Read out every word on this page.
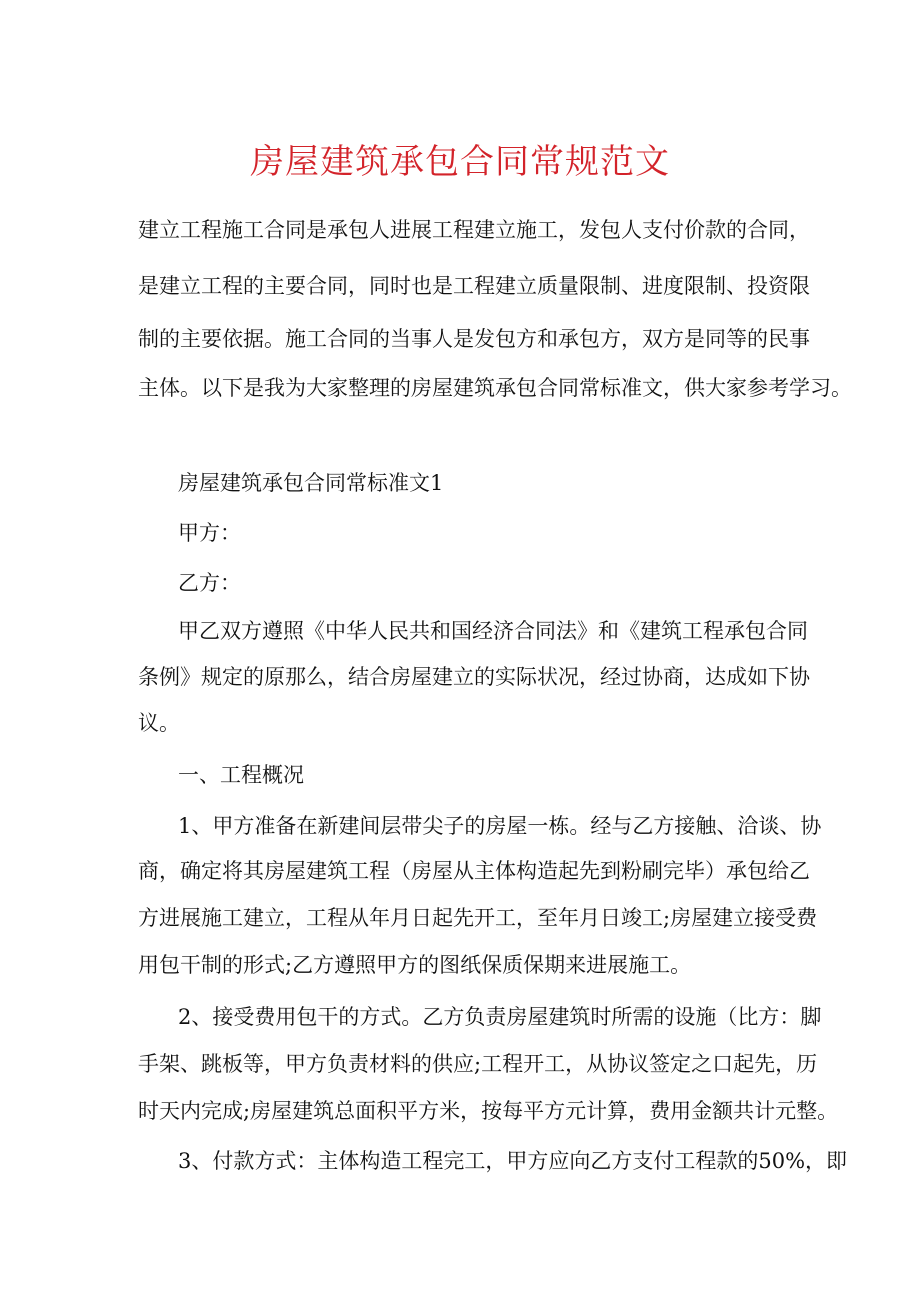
房屋建筑承包合同常规范文
建立工程施工合同是承包人进展工程建立施工，发包人支付价款的合同，
是建立工程的主要合同，同时也是工程建立质量限制、进度限制、投资限
制的主要依据。施工合同的当事人是发包方和承包方，双方是同等的民事
主体。以下是我为大家整理的房屋建筑承包合同常标准文，供大家参考学习。
房屋建筑承包合同常标准文1
甲方：
乙方：
甲乙双方遵照《中华人民共和国经济合同法》和《建筑工程承包合同
条例》规定的原那么，结合房屋建立的实际状况，经过协商，达成如下协
议。
一、工程概况
1、甲方准备在新建间层带尖子的房屋一栋。经与乙方接触、洽谈、协
商，确定将其房屋建筑工程（房屋从主体构造起先到粉刷完毕）承包给乙
方进展施工建立，工程从年月日起先开工，至年月日竣工;房屋建立接受费
用包干制的形式;乙方遵照甲方的图纸保质保期来进展施工。
2、接受费用包干的方式。乙方负责房屋建筑时所需的设施（比方：脚
手架、跳板等，甲方负责材料的供应;工程开工，从协议签定之口起先，历
时天内完成;房屋建筑总面积平方米，按每平方元计算，费用金额共计元整。
3、付款方式：主体构造工程完工，甲方应向乙方支付工程款的50%，即
